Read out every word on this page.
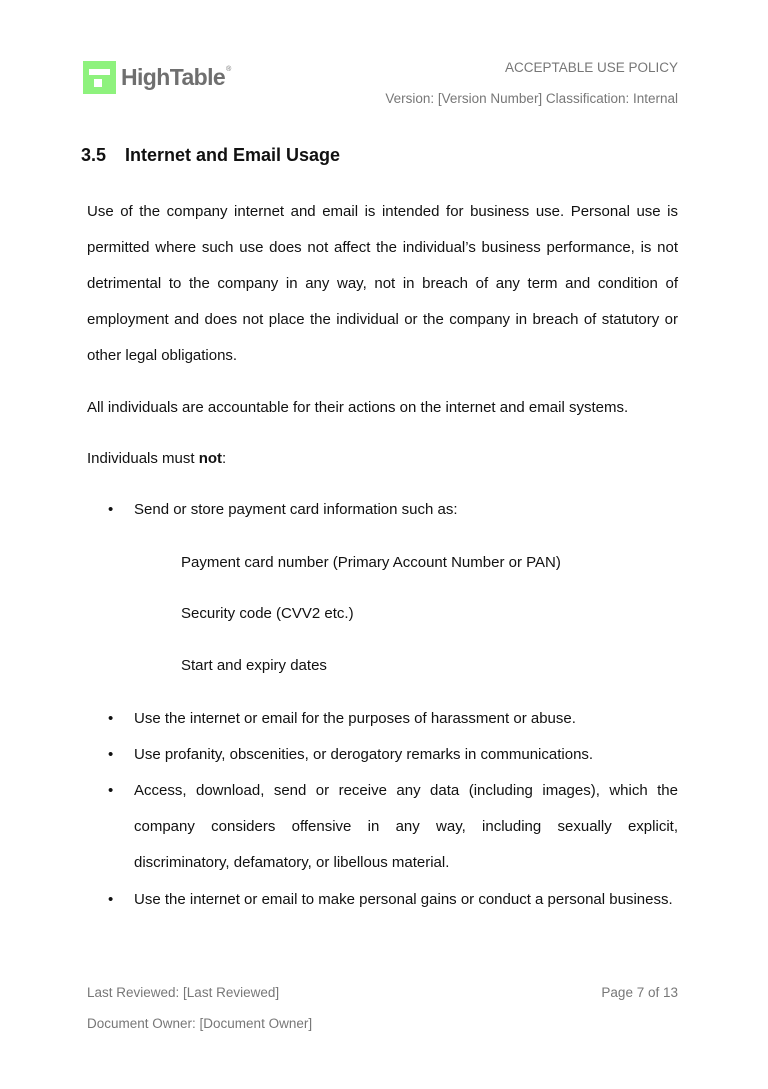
HighTable®	ACCEPTABLE USE POLICY
Version: [Version Number] Classification: Internal
3.5 Internet and Email Usage
Use of the company internet and email is intended for business use. Personal use is permitted where such use does not affect the individual’s business performance, is not detrimental to the company in any way, not in breach of any term and condition of employment and does not place the individual or the company in breach of statutory or other legal obligations.
All individuals are accountable for their actions on the internet and email systems.
Individuals must not:
•	Send or store payment card information such as:
Payment card number (Primary Account Number or PAN)
Security code (CVV2 etc.)
Start and expiry dates
•	Use the internet or email for the purposes of harassment or abuse.
•	Use profanity, obscenities, or derogatory remarks in communications.
•	Access, download, send or receive any data (including images), which the company considers offensive in any way, including sexually explicit, discriminatory, defamatory, or libellous material.
•	Use the internet or email to make personal gains or conduct a personal business.
Last Reviewed: [Last Reviewed]	Page 7 of 13
Document Owner: [Document Owner]
